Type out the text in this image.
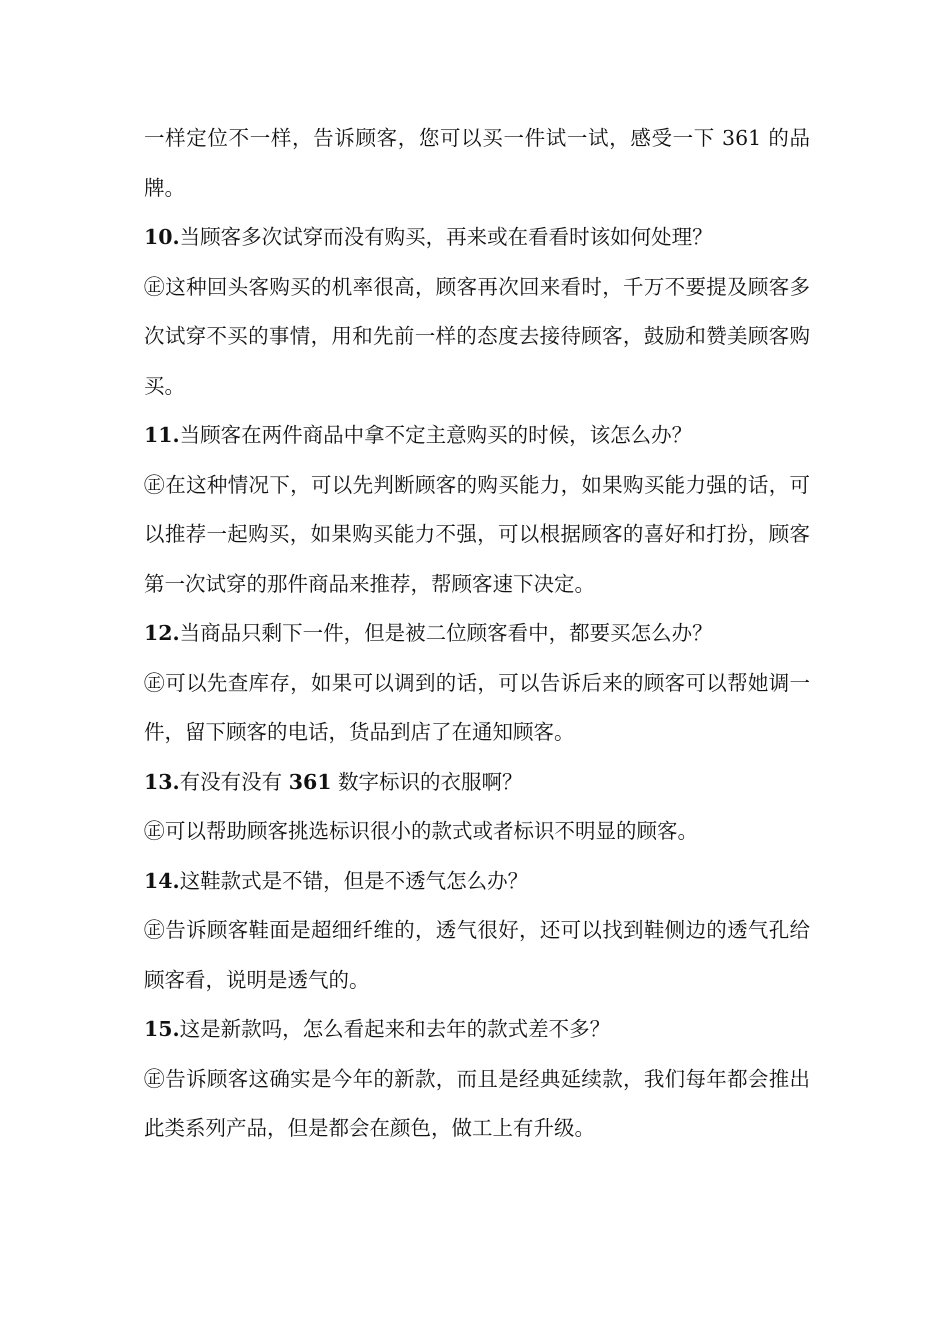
一样定位不一样，告诉顾客，您可以买一件试一试，感受一下 361 的品牌。

10.当顾客多次试穿而没有购买，再来或在看看时该如何处理？

㊣这种回头客购买的机率很高，顾客再次回来看时，千万不要提及顾客多次试穿不买的事情，用和先前一样的态度去接待顾客，鼓励和赞美顾客购买。

11.当顾客在两件商品中拿不定主意购买的时候，该怎么办？

㊣在这种情况下，可以先判断顾客的购买能力，如果购买能力强的话，可以推荐一起购买，如果购买能力不强，可以根据顾客的喜好和打扮，顾客第一次试穿的那件商品来推荐，帮顾客速下决定。

12.当商品只剩下一件，但是被二位顾客看中，都要买怎么办？

㊣可以先查库存，如果可以调到的话，可以告诉后来的顾客可以帮她调一件，留下顾客的电话，货品到店了在通知顾客。

13.有没有没有 361 数字标识的衣服啊？

㊣可以帮助顾客挑选标识很小的款式或者标识不明显的顾客。

14.这鞋款式是不错，但是不透气怎么办？

㊣告诉顾客鞋面是超细纤维的，透气很好，还可以找到鞋侧边的透气孔给顾客看，说明是透气的。

15.这是新款吗，怎么看起来和去年的款式差不多？

㊣告诉顾客这确实是今年的新款，而且是经典延续款，我们每年都会推出此类系列产品，但是都会在颜色，做工上有升级。
